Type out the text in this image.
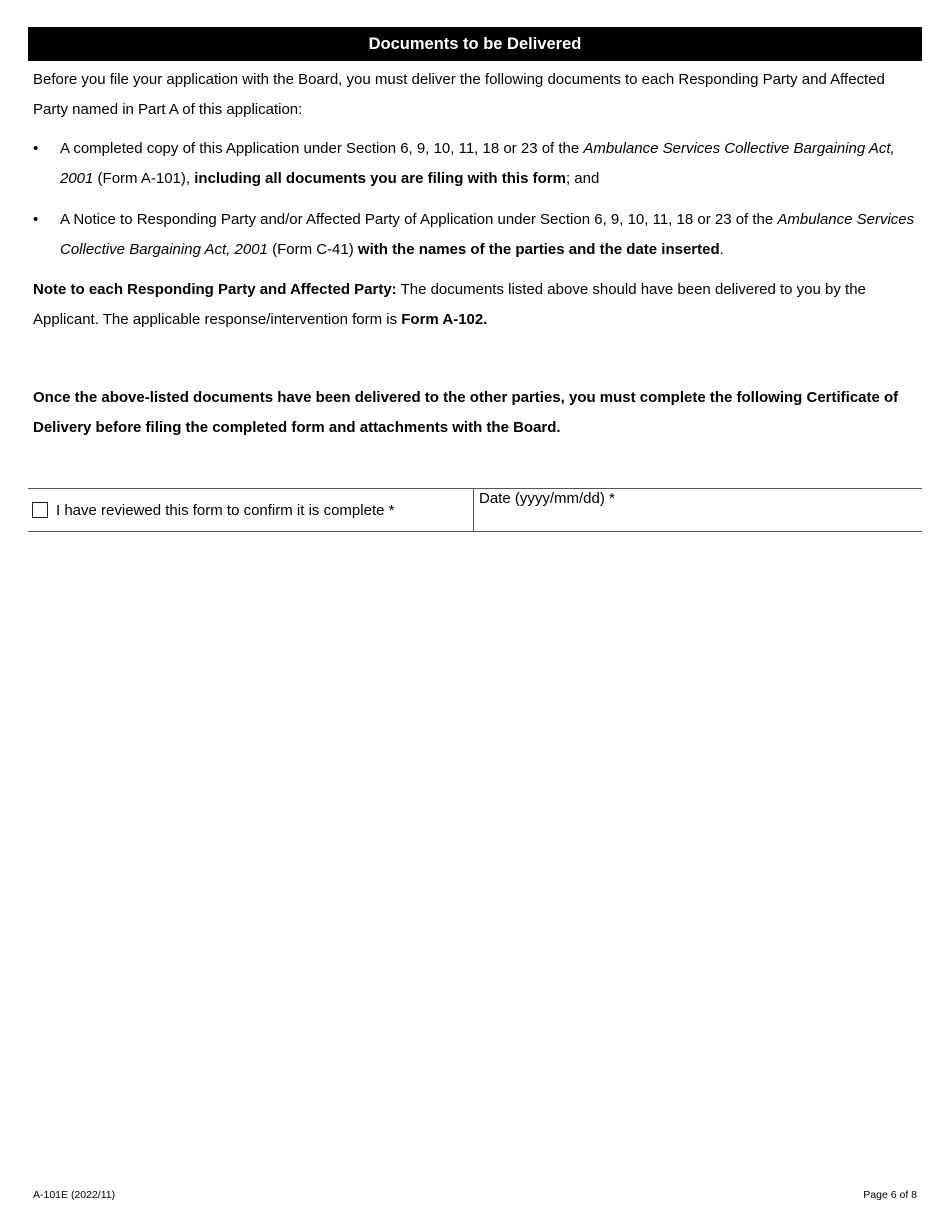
Documents to be Delivered
Before you file your application with the Board, you must deliver the following documents to each Responding Party and Affected Party named in Part A of this application:
• A completed copy of this Application under Section 6, 9, 10, 11, 18 or 23 of the Ambulance Services Collective Bargaining Act, 2001 (Form A-101), including all documents you are filing with this form; and
• A Notice to Responding Party and/or Affected Party of Application under Section 6, 9, 10, 11, 18 or 23 of the Ambulance Services Collective Bargaining Act, 2001 (Form C-41) with the names of the parties and the date inserted.
Note to each Responding Party and Affected Party: The documents listed above should have been delivered to you by the Applicant. The applicable response/intervention form is Form A-102.
Once the above-listed documents have been delivered to the other parties, you must complete the following Certificate of Delivery before filing the completed form and attachments with the Board.
I have reviewed this form to confirm it is complete *
Date (yyyy/mm/dd) *
A-101E (2022/11)	Page 6 of 8
